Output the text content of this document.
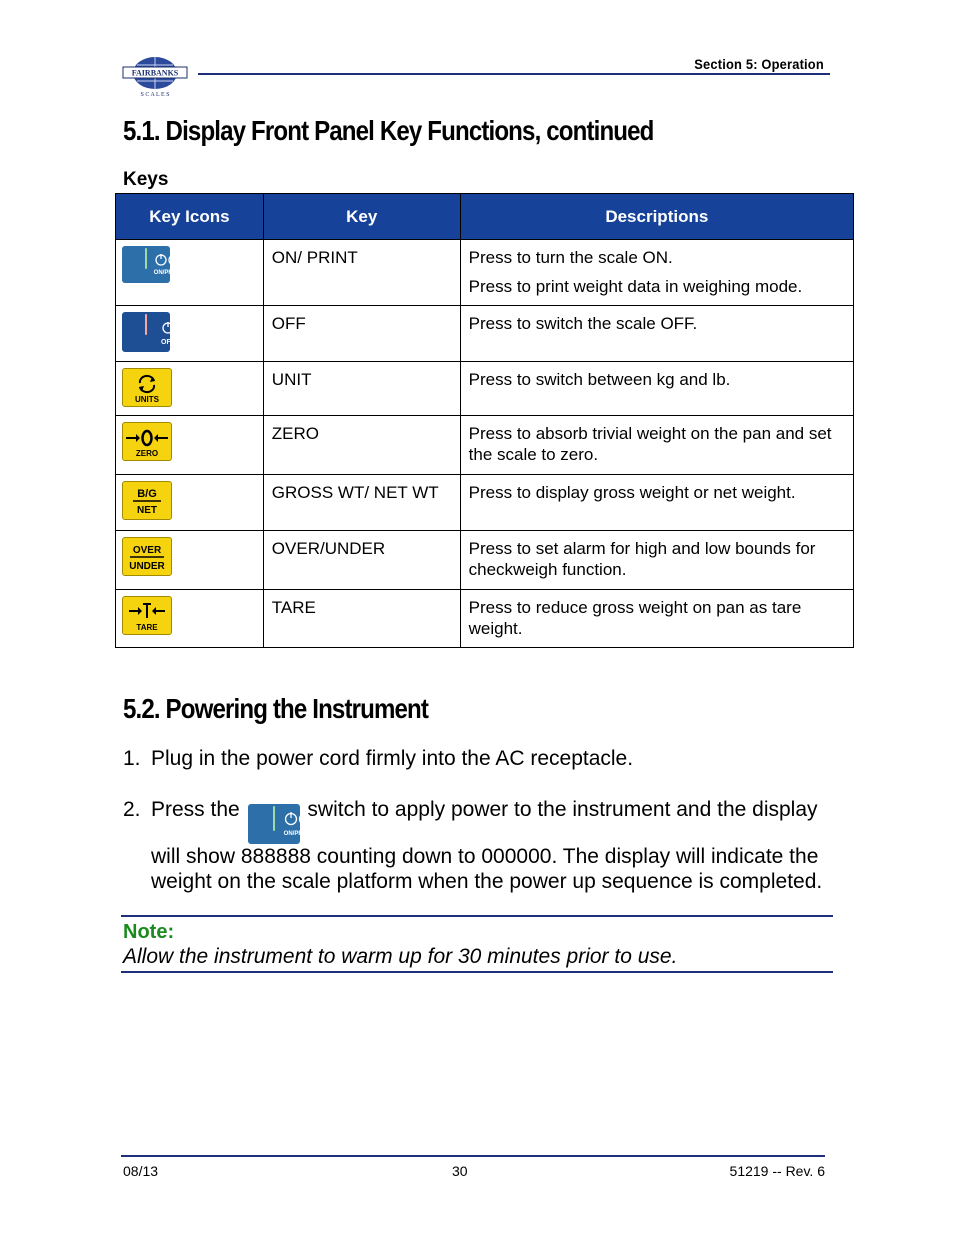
FAIRBANKS
S C A L E S
Section 5: Operation
5.1. Display Front Panel Key Functions, continued
Keys
Key Icons	Key	Descriptions

ON/PRINT	ON/ PRINT	Press to turn the scale ON.
Press to print weight data in weighing mode.

OFF	OFF	Press to switch the scale OFF.

UNITS	UNIT	Press to switch between kg and lb.

ZERO	ZERO	Press to absorb trivial weight on the pan and set the scale to zero.

B/G
NET	GROSS WT/ NET WT	Press to display gross weight or net weight.

OVER
UNDER	OVER/UNDER	Press to set alarm for high and low bounds for checkweigh function.

TARE	TARE	Press to reduce gross weight on pan as tare weight.
5.2. Powering the Instrument
1. Plug in the power cord firmly into the AC receptacle.
2. Press the
ON/PRINT
switch to apply power to the instrument and the display will show 888888 counting down to 000000. The display will indicate the weight on the scale platform when the power up sequence is completed.
Note:
Allow the instrument to warm up for 30 minutes prior to use.
08/13	30	51219 -- Rev. 6
